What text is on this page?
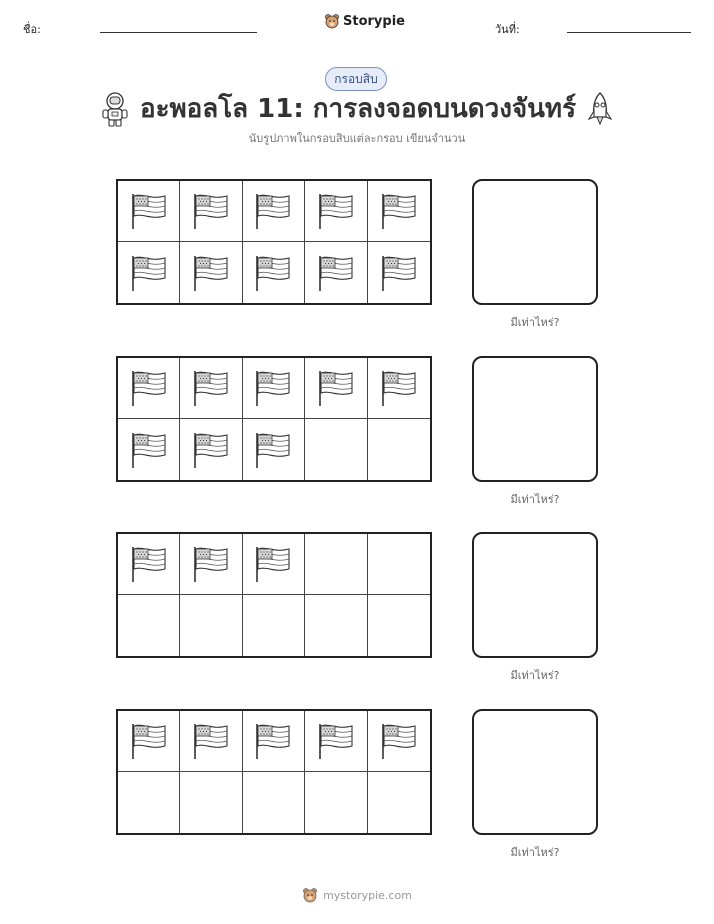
ชื่อ:
Storypie
วันที่:
กรอบสิบ
อะพอลโล 11: การลงจอดบนดวงจันทร์
นับรูปภาพในกรอบสิบแต่ละกรอบ เขียนจำนวน
มีเท่าไหร่?
มีเท่าไหร่?
มีเท่าไหร่?
มีเท่าไหร่?
mystorypie.com
